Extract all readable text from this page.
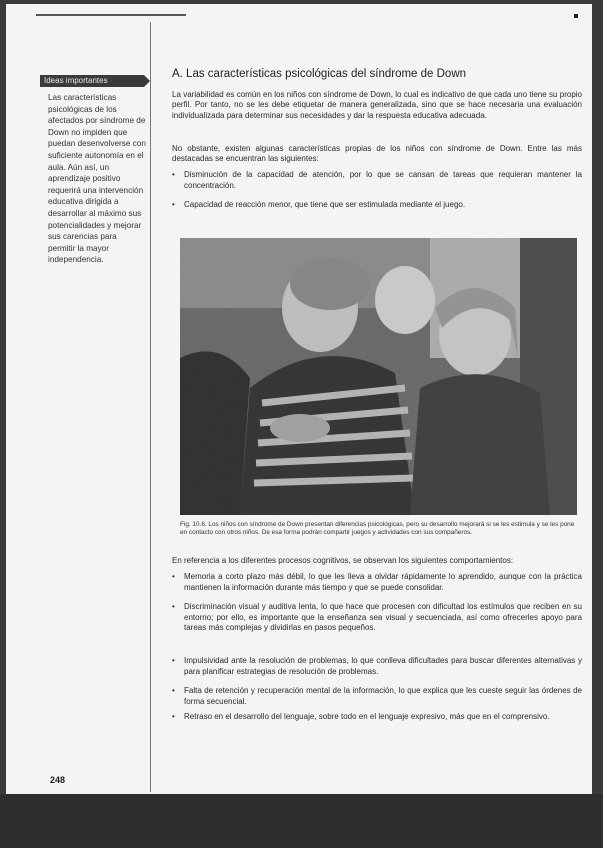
Ideas importantes
Las características psicológicas de los afectados por síndrome de Down no impiden que puedan desenvolverse con suficiente autonomía en el aula. Aún así, un aprendizaje positivo requerirá una intervención educativa dirigida a desarrollar al máximo sus potencialidades y mejorar sus carencias para permitir la mayor independencia.
A. Las características psicológicas del síndrome de Down
La variabilidad es común en los niños con síndrome de Down, lo cual es indicativo de que cada uno tiene su propio perfil. Por tanto, no se les debe etiquetar de manera generalizada, sino que se hace necesaria una evaluación individualizada para determinar sus necesidades y dar la respuesta educativa adecuada.
No obstante, existen algunas características propias de los niños con síndrome de Down. Entre las más destacadas se encuentran las siguientes:
• Disminución de la capacidad de atención, por lo que se cansan de tareas que requieran mantener la concentración.
• Capacidad de reacción menor, que tiene que ser estimulada mediante el juego.
Fig. 10.6. Los niños con síndrome de Down presentan diferencias psicológicas, pero su desarrollo mejorará si se les estimula y se les pone en contacto con otros niños. De esa forma podrán compartir juegos y actividades con sus compañeros.
En referencia a los diferentes procesos cognitivos, se observan los siguientes comportamientos:
• Memoria a corto plazo más débil, lo que les lleva a olvidar rápidamente lo aprendido, aunque con la práctica mantienen la información durante más tiempo y que se puede consolidar.
• Discriminación visual y auditiva lenta, lo que hace que procesen con dificultad los estímulos que reciben en su entorno; por ello, es importante que la enseñanza sea visual y secuenciada, así como ofrecerles apoyo para tareas más complejas y dividirlas en pasos pequeños.
• Impulsividad ante la resolución de problemas, lo que conlleva dificultades para buscar diferentes alternativas y para planificar estrategias de resolución de problemas.
• Falta de retención y recuperación mental de la información, lo que explica que les cueste seguir las órdenes de forma secuencial.
• Retraso en el desarrollo del lenguaje, sobre todo en el lenguaje expresivo, más que en el comprensivo.
248
